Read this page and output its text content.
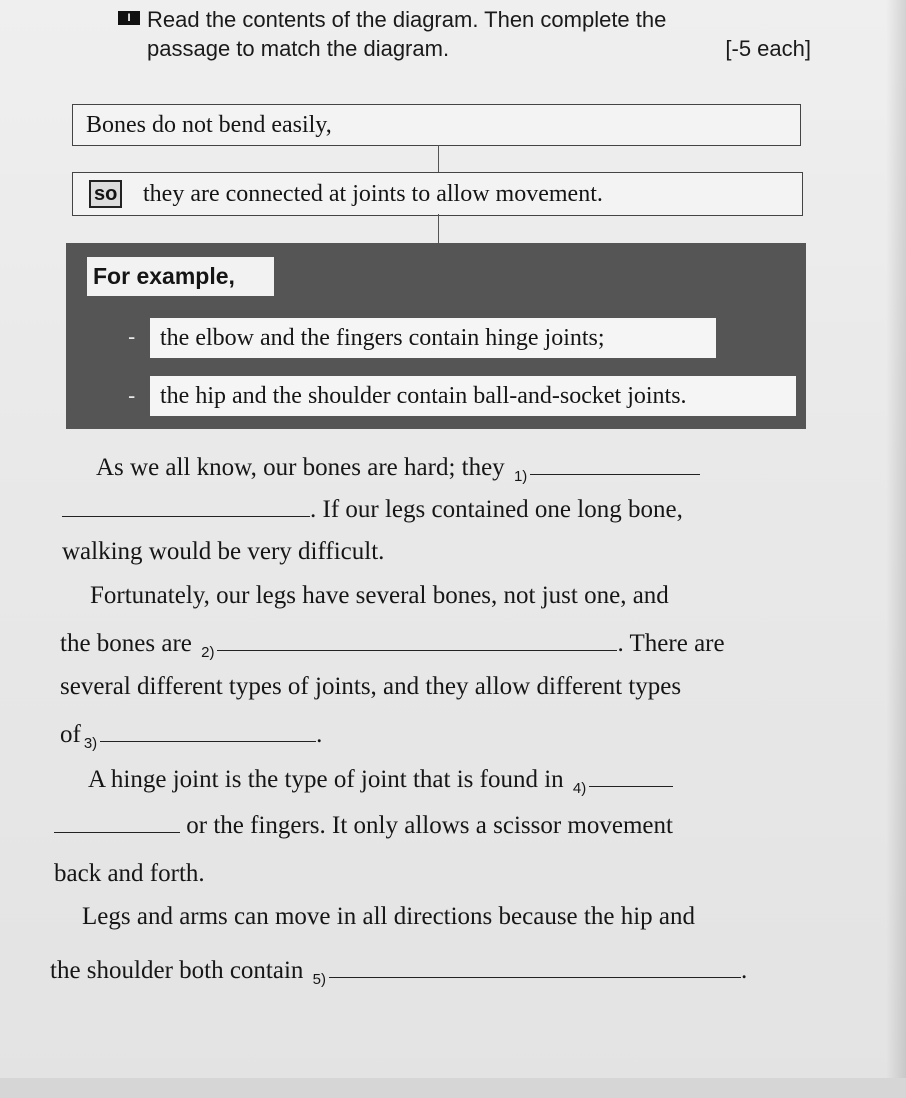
I Read the contents of the diagram. Then complete the
passage to match the diagram.	[-5 each]
Bones do not bend easily,
so they are connected at joints to allow movement.
For example,
-	the elbow and the fingers contain hinge joints;
-	the hip and the shoulder contain ball-and-socket joints.
As we all know, our bones are hard; they $_{1)}$
. If our legs contained one long bone,
walking would be very difficult.
Fortunately, our legs have several bones, not just one, and
the bones are $_{2)}$	. There are
several different types of joints, and they allow different types
of $_{3)}$	.
A hinge joint is the type of joint that is found in $_{4)}$
or the fingers. It only allows a scissor movement
back and forth.
Legs and arms can move in all directions because the hip and
the shoulder both contain $_{5)}$	.
